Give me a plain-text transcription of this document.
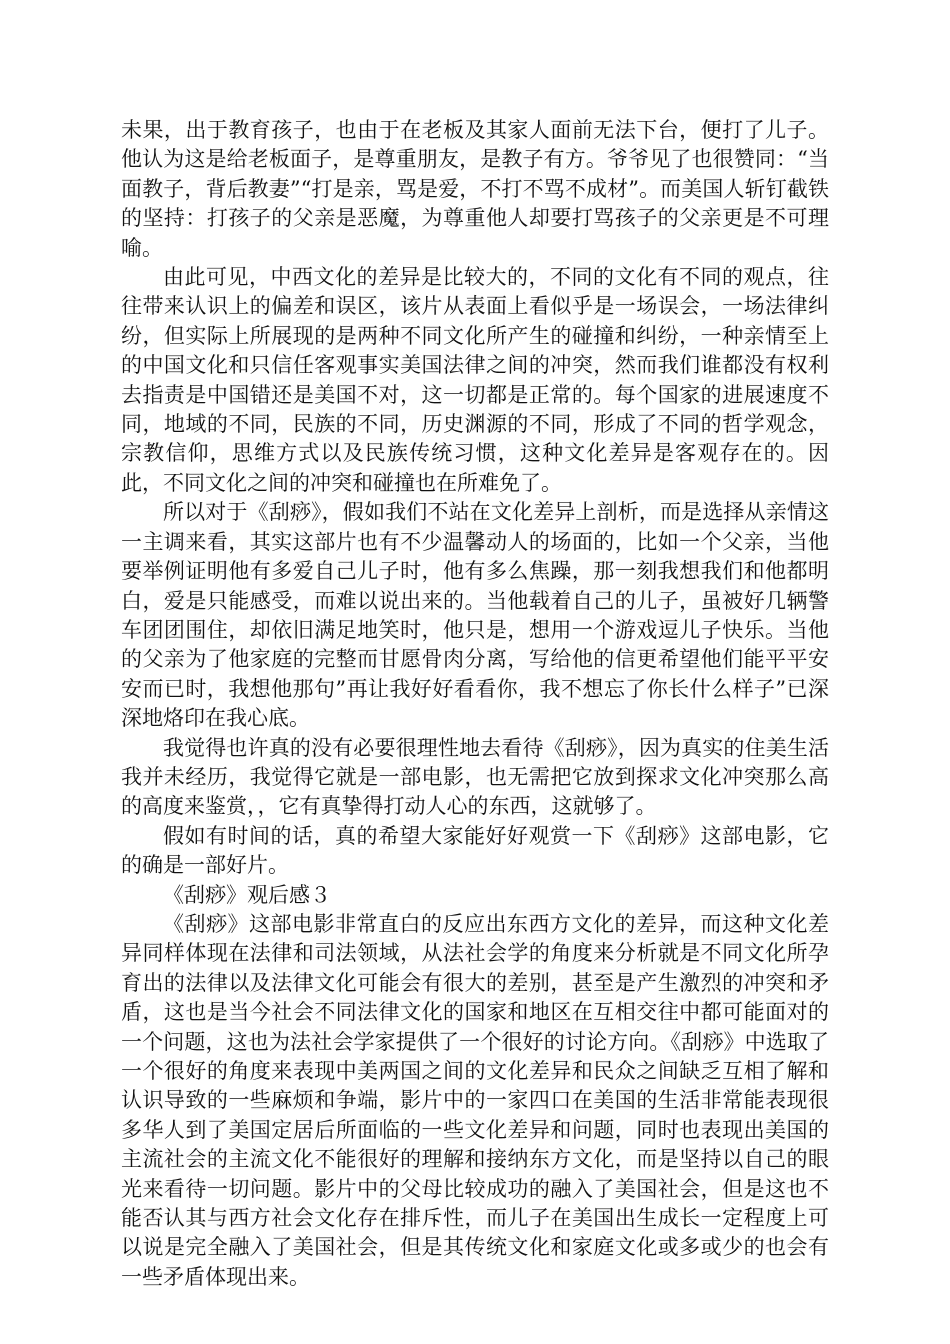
未果，出于教育孩子，也由于在老板及其家人面前无法下台，便打了儿子。他认为这是给老板面子，是尊重朋友，是教子有方。爷爷见了也很赞同：“当面教子，背后教妻”“打是亲，骂是爱，不打不骂不成材”。而美国人斩钉截铁的坚持：打孩子的父亲是恶魔，为尊重他人却要打骂孩子的父亲更是不可理喻。

由此可见，中西文化的差异是比较大的，不同的文化有不同的观点，往往带来认识上的偏差和误区，该片从表面上看似乎是一场误会，一场法律纠纷，但实际上所展现的是两种不同文化所产生的碰撞和纠纷，一种亲情至上的中国文化和只信任客观事实美国法律之间的冲突，然而我们谁都没有权利去指责是中国错还是美国不对，这一切都是正常的。每个国家的进展速度不同，地域的不同，民族的不同，历史渊源的不同，形成了不同的哲学观念，宗教信仰，思维方式以及民族传统习惯，这种文化差异是客观存在的。因此，不同文化之间的冲突和碰撞也在所难免了。

所以对于《刮痧》，假如我们不站在文化差异上剖析，而是选择从亲情这一主调来看，其实这部片也有不少温馨动人的场面的，比如一个父亲，当他要举例证明他有多爱自己儿子时，他有多么焦躁，那一刻我想我们和他都明白，爱是只能感受，而难以说出来的。当他载着自己的儿子，虽被好几辆警车团团围住，却依旧满足地笑时，他只是，想用一个游戏逗儿子快乐。当他的父亲为了他家庭的完整而甘愿骨肉分离，写给他的信更希望他们能平平安安而已时，我想他那句”再让我好好看看你，我不想忘了你长什么样子”已深深地烙印在我心底。

我觉得也许真的没有必要很理性地去看待《刮痧》，因为真实的住美生活我并未经历，我觉得它就是一部电影，也无需把它放到探求文化冲突那么高的高度来鉴赏，，它有真挚得打动人心的东西，这就够了。

假如有时间的话，真的希望大家能好好观赏一下《刮痧》这部电影，它的确是一部好片。

《刮痧》观后感３

《刮痧》这部电影非常直白的反应出东西方文化的差异，而这种文化差异同样体现在法律和司法领域，从法社会学的角度来分析就是不同文化所孕育出的法律以及法律文化可能会有很大的差别，甚至是产生激烈的冲突和矛盾，这也是当今社会不同法律文化的国家和地区在互相交往中都可能面对的一个问题，这也为法社会学家提供了一个很好的讨论方向。《刮痧》中选取了一个很好的角度来表现中美两国之间的文化差异和民众之间缺乏互相了解和认识导致的一些麻烦和争端，影片中的一家四口在美国的生活非常能表现很多华人到了美国定居后所面临的一些文化差异和问题，同时也表现出美国的主流社会的主流文化不能很好的理解和接纳东方文化，而是坚持以自己的眼光来看待一切问题。影片中的父母比较成功的融入了美国社会，但是这也不能否认其与西方社会文化存在排斥性，而儿子在美国出生成长一定程度上可以说是完全融入了美国社会，但是其传统文化和家庭文化或多或少的也会有一些矛盾体现出来。
